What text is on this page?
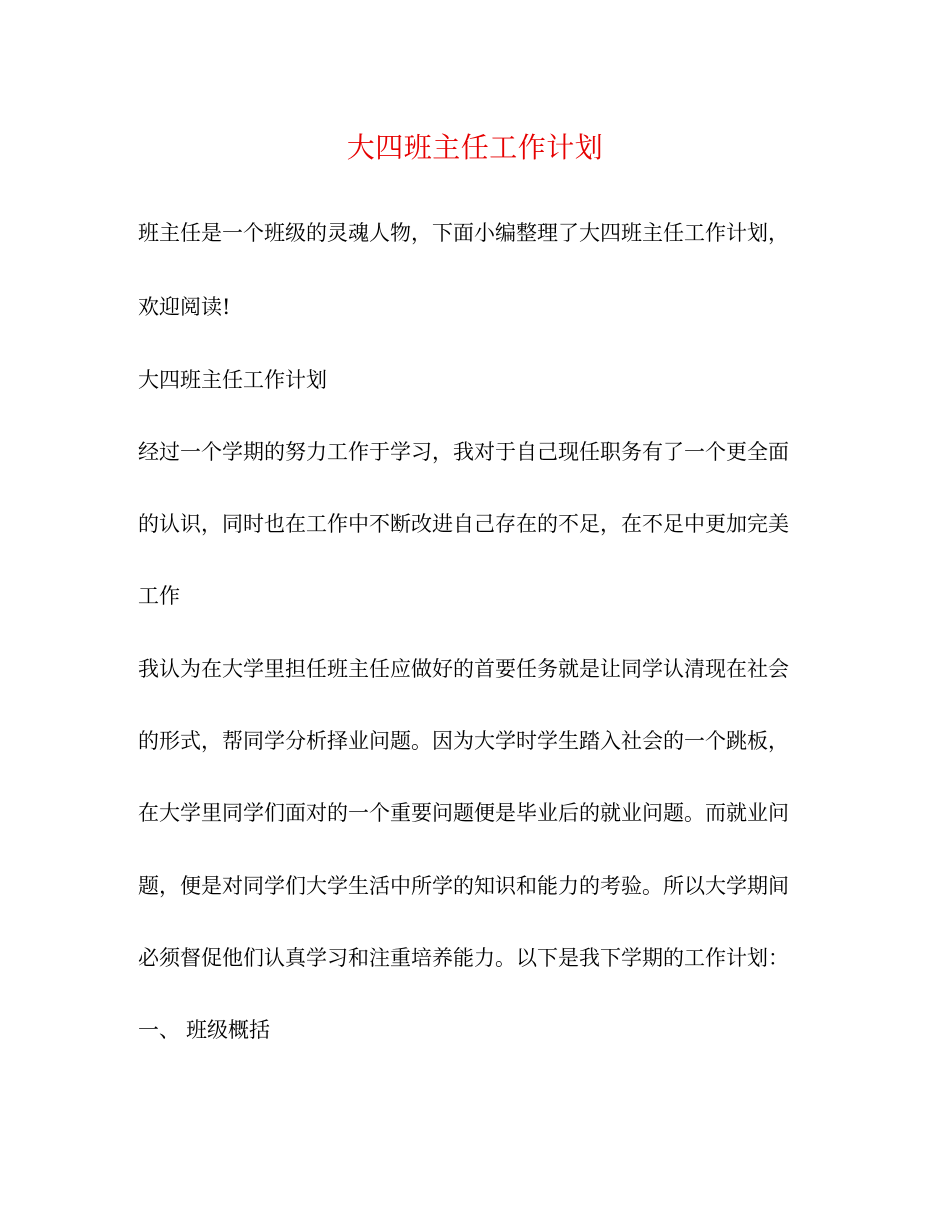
大四班主任工作计划
班主任是一个班级的灵魂人物，下面小编整理了大四班主任工作计划，
欢迎阅读!
大四班主任工作计划
经过一个学期的努力工作于学习，我对于自己现任职务有了一个更全面
的认识，同时也在工作中不断改进自己存在的不足，在不足中更加完美
工作
我认为在大学里担任班主任应做好的首要任务就是让同学认清现在社会
的形式，帮同学分析择业问题。因为大学时学生踏入社会的一个跳板，
在大学里同学们面对的一个重要问题便是毕业后的就业问题。而就业问
题，便是对同学们大学生活中所学的知识和能力的考验。所以大学期间
必须督促他们认真学习和注重培养能力。以下是我下学期的工作计划：
一、 班级概括
